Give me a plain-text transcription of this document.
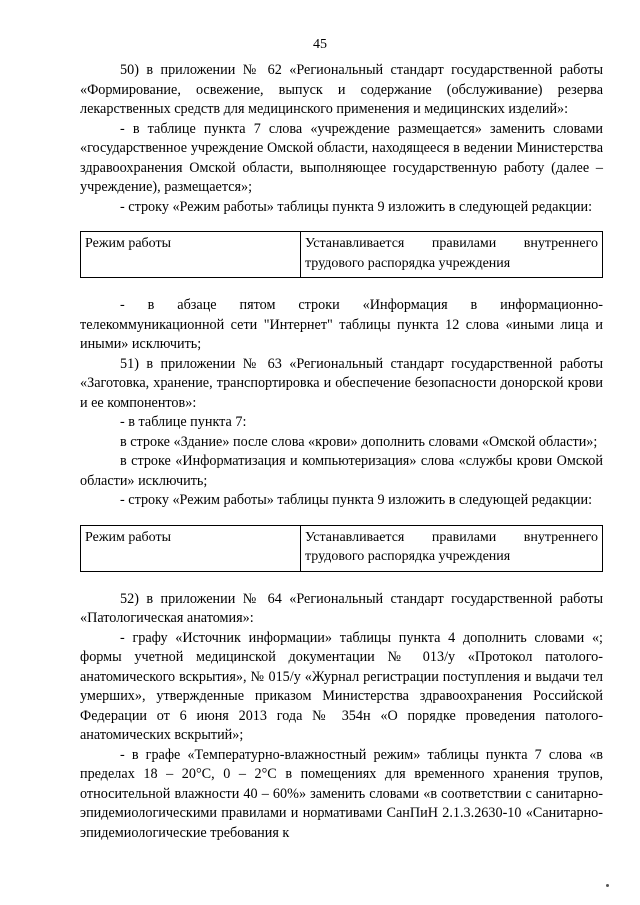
45

50) в приложении № 62 «Региональный стандарт государственной работы «Формирование, освежение, выпуск и содержание (обслуживание) резерва лекарственных средств для медицинского применения и медицинских изделий»:

- в таблице пункта 7 слова «учреждение размещается» заменить словами «государственное учреждение Омской области, находящееся в ведении Министерства здравоохранения Омской области, выполняющее государственную работу (далее – учреждение), размещается»;

- строку «Режим работы» таблицы пункта 9 изложить в следующей редакции:

Режим работы	Устанавливается правилами внутреннего трудового распорядка учреждения

- в абзаце пятом строки «Информация в информационно-телекоммуникационной сети "Интернет" таблицы пункта 12 слова «иными лица и иными» исключить;

51) в приложении № 63 «Региональный стандарт государственной работы «Заготовка, хранение, транспортировка и обеспечение безопасности донорской крови и ее компонентов»:

- в таблице пункта 7:

в строке «Здание» после слова «крови» дополнить словами «Омской области»;

в строке «Информатизация и компьютеризация» слова «службы крови Омской области» исключить;

- строку «Режим работы» таблицы пункта 9 изложить в следующей редакции:

Режим работы	Устанавливается правилами внутреннего трудового распорядка учреждения

52) в приложении № 64 «Региональный стандарт государственной работы «Патологическая анатомия»:

- графу «Источник информации» таблицы пункта 4 дополнить словами «; формы учетной медицинской документации № 013/у «Протокол патолого-анатомического вскрытия», № 015/у «Журнал регистрации поступления и выдачи тел умерших», утвержденные приказом Министерства здравоохранения Российской Федерации от 6 июня 2013 года № 354н «О порядке проведения патолого-анатомических вскрытий»;

- в графе «Температурно-влажностный режим» таблицы пункта 7 слова «в пределах 18 – 20°С, 0 – 2°С в помещениях для временного хранения трупов, относительной влажности 40 – 60%» заменить словами «в соответствии с санитарно-эпидемиологическими правилами и нормативами СанПиН 2.1.3.2630-10 «Санитарно-эпидемиологические требования к
